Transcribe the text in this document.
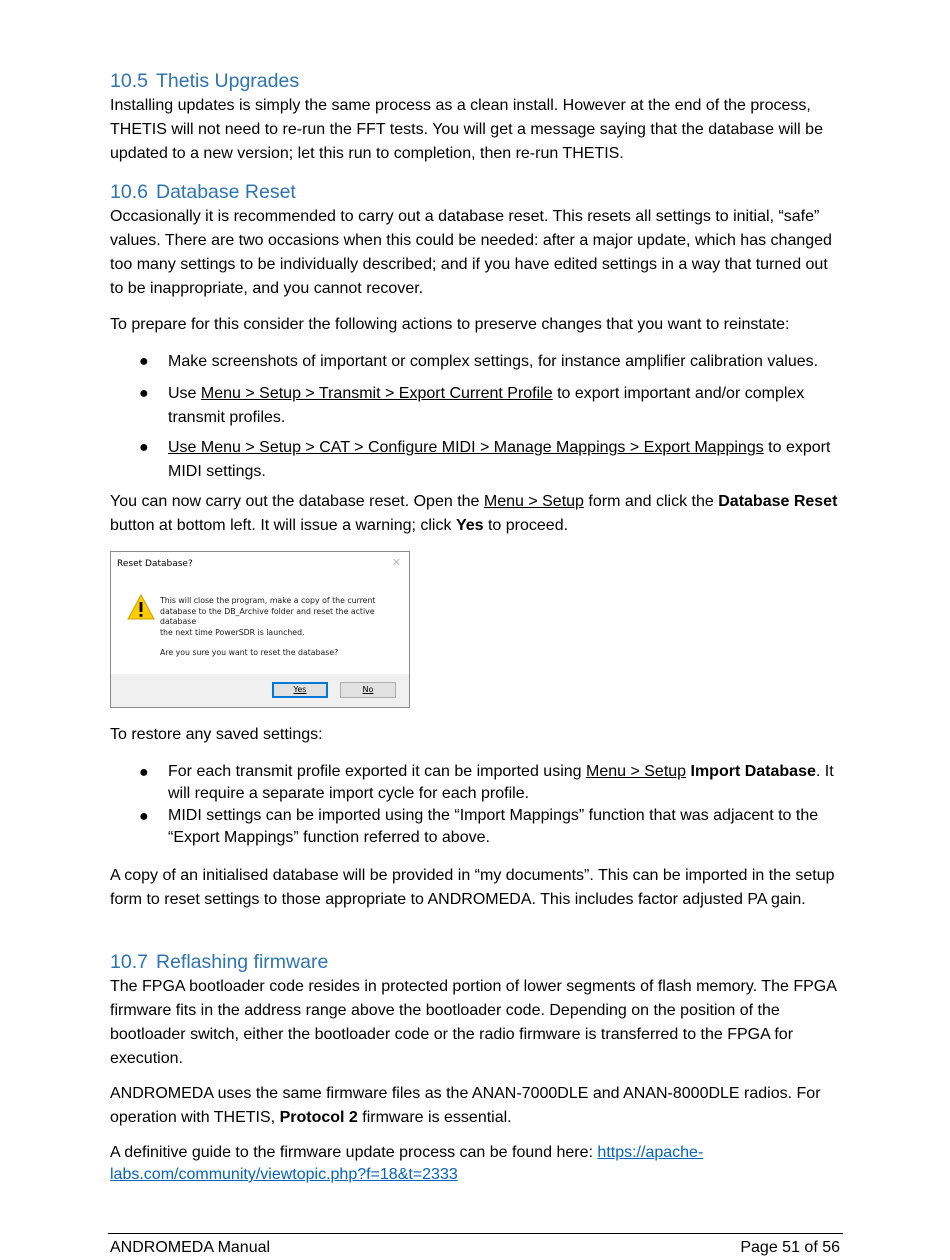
10.5 Thetis Upgrades

Installing updates is simply the same process as a clean install. However at the end of the process, THETIS will not need to re-run the FFT tests. You will get a message saying that the database will be updated to a new version; let this run to completion, then re-run THETIS.

10.6 Database Reset

Occasionally it is recommended to carry out a database reset. This resets all settings to initial, “safe” values. There are two occasions when this could be needed: after a major update, which has changed too many settings to be individually described; and if you have edited settings in a way that turned out to be inappropriate, and you cannot recover.

To prepare for this consider the following actions to preserve changes that you want to reinstate:

● Make screenshots of important or complex settings, for instance amplifier calibration values.
● Use Menu > Setup > Transmit > Export Current Profile to export important and/or complex transmit profiles.
● Use Menu > Setup > CAT > Configure MIDI > Manage Mappings > Export Mappings to export MIDI settings.

You can now carry out the database reset. Open the Menu > Setup form and click the Database Reset button at bottom left. It will issue a warning; click Yes to proceed.

To restore any saved settings:

● For each transmit profile exported it can be imported using Menu > Setup Import Database. It will require a separate import cycle for each profile.
● MIDI settings can be imported using the “Import Mappings” function that was adjacent to the “Export Mappings” function referred to above.

A copy of an initialised database will be provided in “my documents”. This can be imported in the setup form to reset settings to those appropriate to ANDROMEDA. This includes factor adjusted PA gain.

10.7 Reflashing firmware

The FPGA bootloader code resides in protected portion of lower segments of flash memory. The FPGA firmware fits in the address range above the bootloader code. Depending on the position of the bootloader switch, either the bootloader code or the radio firmware is transferred to the FPGA for execution.

ANDROMEDA uses the same firmware files as the ANAN-7000DLE and ANAN-8000DLE radios. For operation with THETIS, Protocol 2 firmware is essential.

A definitive guide to the firmware update process can be found here: https://apache-labs.com/community/viewtopic.php?f=18&t=2333

Reset Database?	✕
This will close the program, make a copy of the current
database to the DB_Archive folder and reset the active
database
the next time PowerSDR is launched.
Are you sure you want to reset the database?
Yes	No
ANDROMEDA Manual	Page 51 of 56
